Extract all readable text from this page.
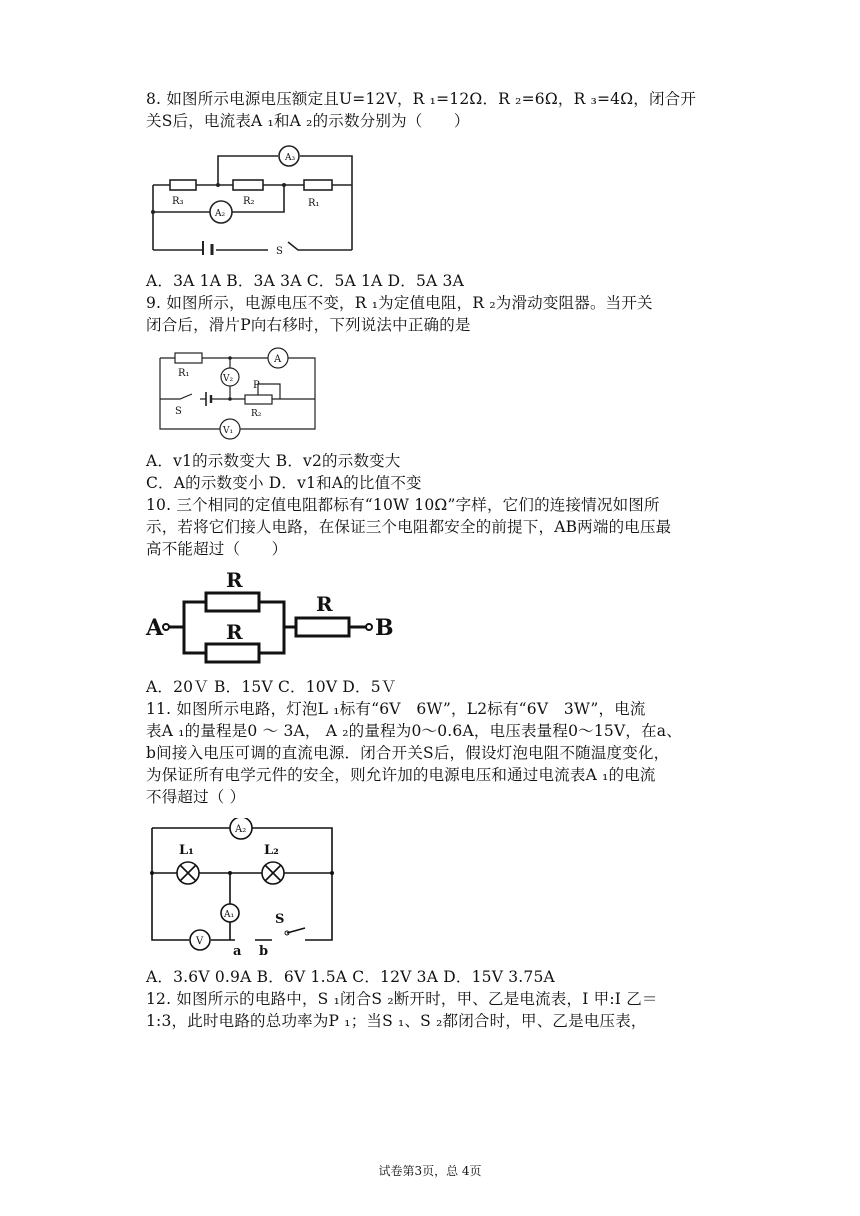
8. 如图所示电源电压额定且U=12V，R ₁=12Ω．R ₂=6Ω，R ₃=4Ω，闭合开
关S后，电流表A ₁和A ₂的示数分别为（　　）
A₃
A₂
R₃	R₂	R₁
S
A．3A 1A B．3A 3A C．5A 1A D．5A 3A
9. 如图所示，电源电压不变，R ₁为定值电阻，R ₂为滑动变阻器。当开关
闭合后，滑片P向右移时，下列说法中正确的是
R₁
A
V₂
P
S	R₂
V₁
A．v1的示数变大 B．v2的示数变大
C．A的示数变小 D．v1和A的比值不变
10. 三个相同的定值电阻都标有“10W 10Ω”字样，它们的连接情况如图所
示，若将它们接人电路，在保证三个电阻都安全的前提下，AB两端的电压最
高不能超过（　　）
R
R
R
A	B
A．20Ｖ B．15V C．10V D．5Ｖ
11. 如图所示电路，灯泡L ₁标有“6V　6W”，L2标有“6V　3W”，电流
表A ₁的量程是0 ～ 3A， A ₂的量程为0～0.6A，电压表量程0～15V，在a、
b间接入电压可调的直流电源．闭合开关S后，假设灯泡电阻不随温度变化，
为保证所有电学元件的安全，则允许加的电源电压和通过电流表A ₁的电流
不得超过（ ）
A₂
L₁	L₂
A₁	S
V
a b
A．3.6V 0.9A B．6V 1.5A C．12V 3A D．15V 3.75A
12. 如图所示的电路中，S ₁闭合S ₂断开时，甲、乙是电流表，I 甲:I 乙＝
1:3，此时电路的总功率为P ₁；当S ₁、S ₂都闭合时，甲、乙是电压表，
试卷第3页，总 4页
